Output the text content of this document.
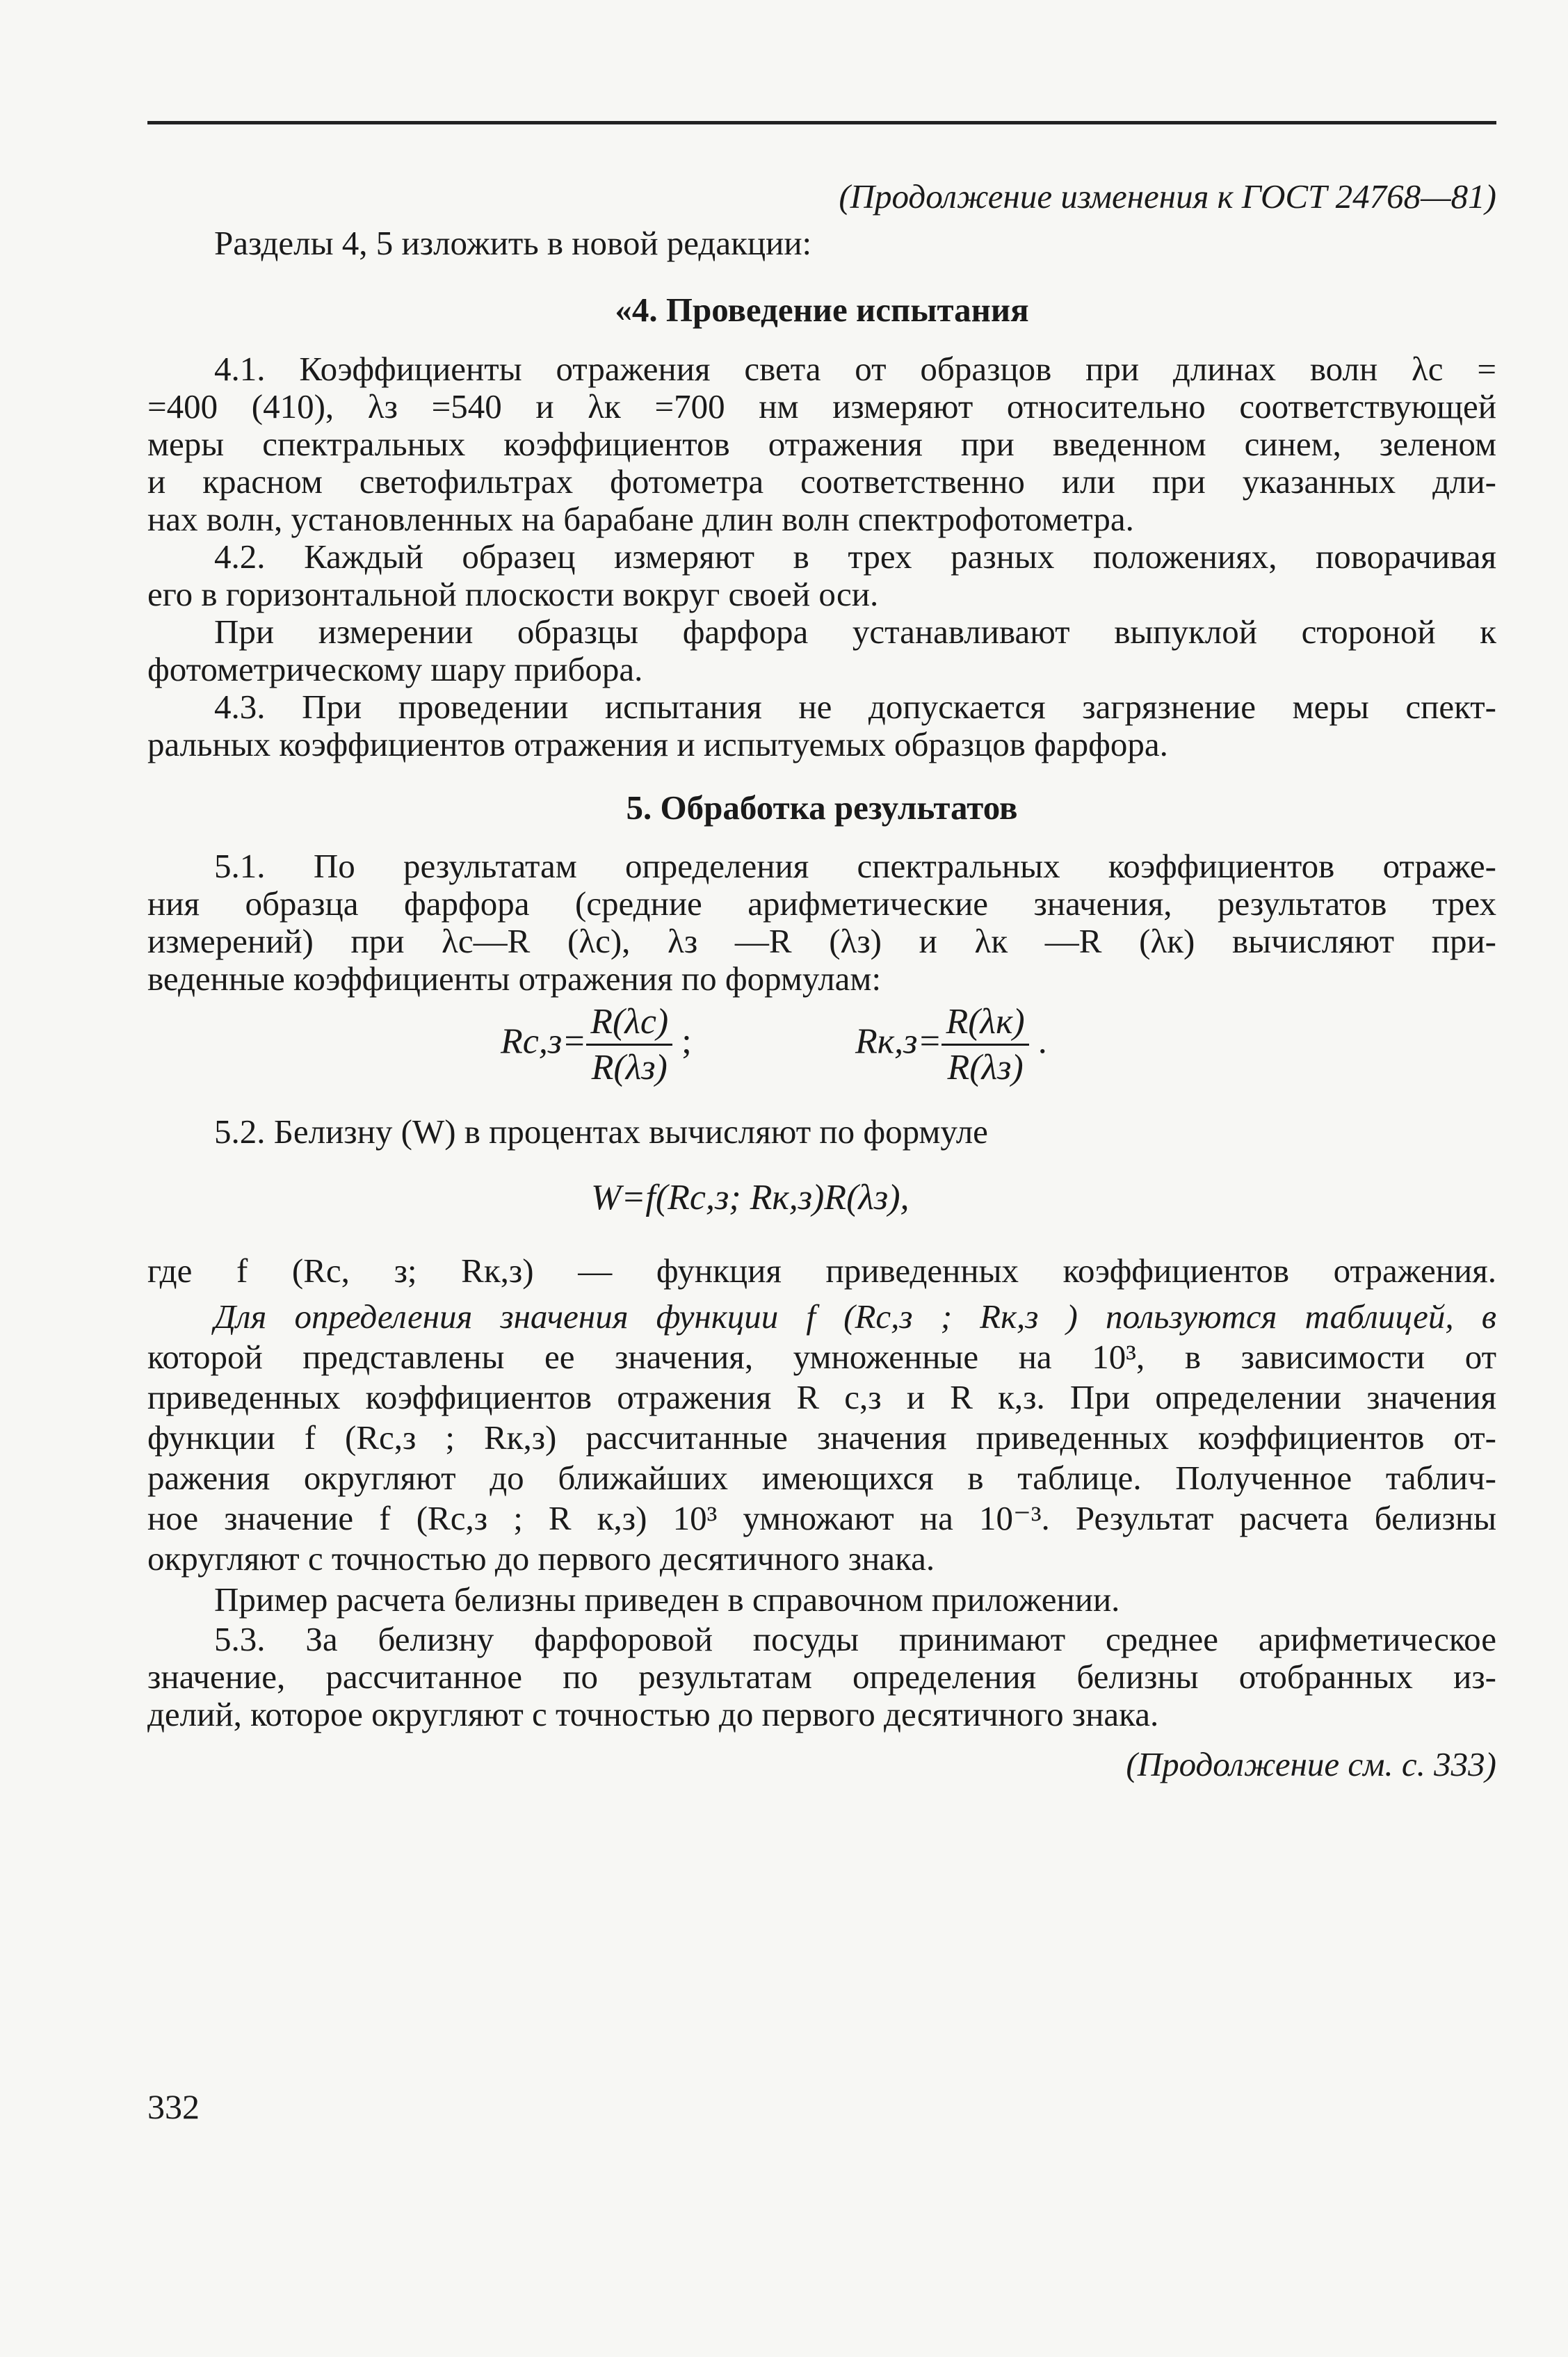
(Продолжение изменения к ГОСТ 24768—81)
Разделы 4, 5 изложить в новой редакции:
«4. Проведение испытания
4.1. Коэффициенты отражения света от образцов при длинах волн λс =
=400 (410), λз =540 и λк =700 нм измеряют относительно соответствующей
меры спектральных коэффициентов отражения при введенном синем, зеленом
и красном светофильтрах фотометра соответственно или при указанных дли-
нах волн, установленных на барабане длин волн спектрофотометра.
4.2. Каждый образец измеряют в трех разных положениях, поворачивая
его в горизонтальной плоскости вокруг своей оси.
При измерении образцы фарфора устанавливают выпуклой стороной к
фотометрическому шару прибора.
4.3. При проведении испытания не допускается загрязнение меры спект-
ральных коэффициентов отражения и испытуемых образцов фарфора.
5. Обработка результатов
5.1. По результатам определения спектральных коэффициентов отраже-
ния образца фарфора (средние арифметические значения, результатов трех
измерений) при λс—R (λс), λз —R (λз) и λк —R (λк) вычисляют при-
веденные коэффициенты отражения по формулам:
$Rс,з= \frac{R(\lambda с)}{R(\lambda з)}$ ;	$Rк,з= \frac{R(\lambda к)}{R(\lambda з)}$ .
5.2. Белизну (W) в процентах вычисляют по формуле
W=f(Rс,з; Rк,з)R(λз),
где f (Rс, з; Rк,з) — функция приведенных коэффициентов отражения.
Для определения значения функции f (Rс,з ; Rк,з ) пользуются таблицей, в
которой представлены ее значения, умноженные на 10³, в зависимости от
приведенных коэффициентов отражения R с,з и R к,з. При определении значения
функции f (Rс,з ; Rк,з) рассчитанные значения приведенных коэффициентов от-
ражения округляют до ближайших имеющихся в таблице. Полученное таблич-
ное значение f (Rс,з ; R к,з) 10³ умножают на 10⁻³. Результат расчета белизны
округляют с точностью до первого десятичного знака.
Пример расчета белизны приведен в справочном приложении.
5.3. За белизну фарфоровой посуды принимают среднее арифметическое
значение, рассчитанное по результатам определения белизны отобранных из-
делий, которое округляют с точностью до первого десятичного знака.
(Продолжение см. с. 333)
332
